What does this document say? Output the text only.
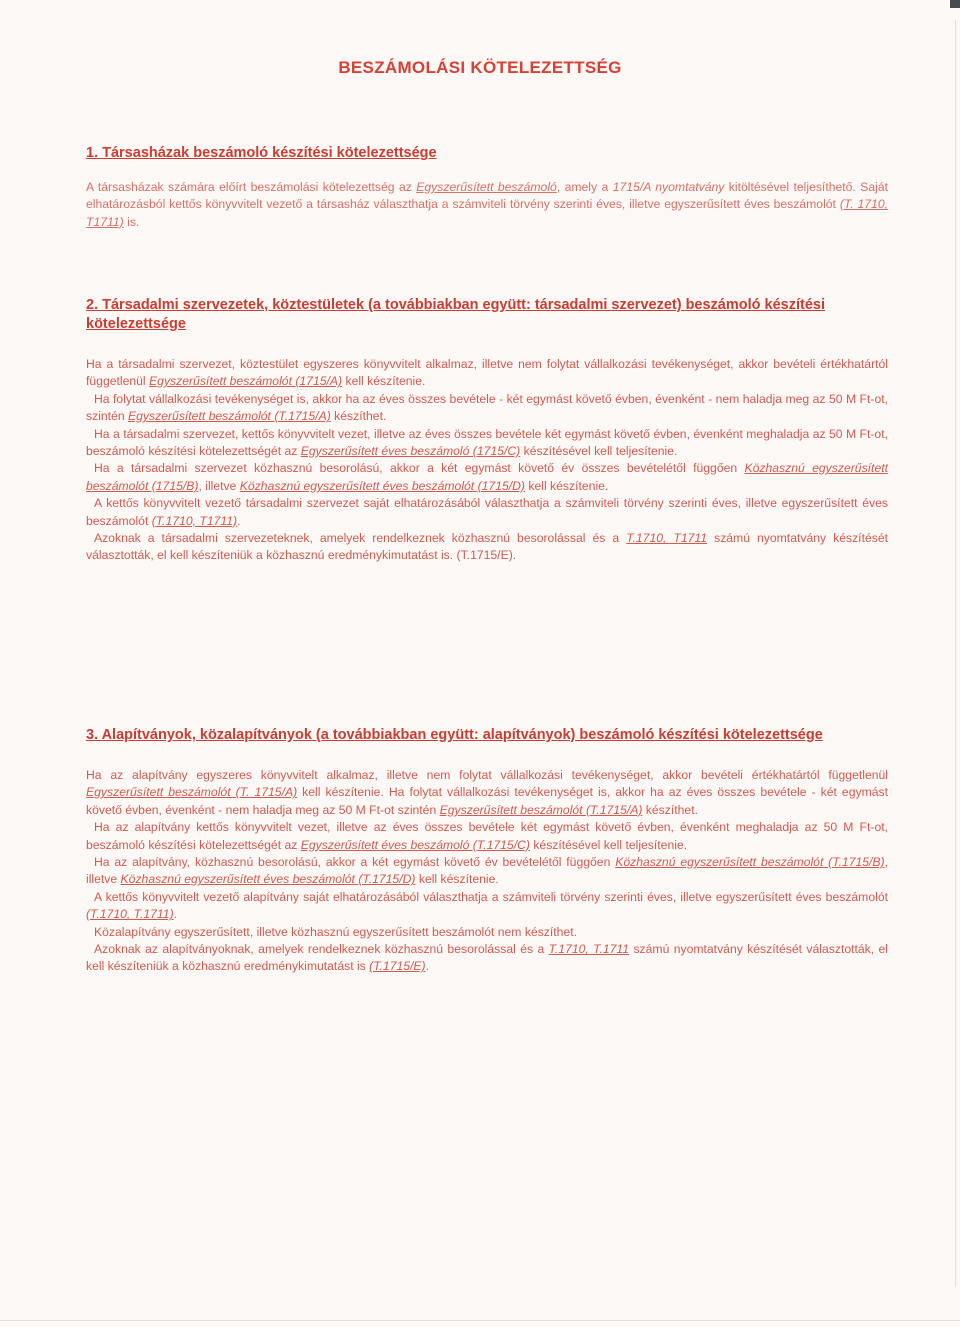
BESZÁMOLÁSI KÖTELEZETTSÉG
1. Társasházak beszámoló készítési kötelezettsége

A társasházak számára előírt beszámolási kötelezettség az Egyszerűsített beszámoló, amely a 1715/A nyomtatvány kitöltésével teljesíthető. Saját elhatározásból kettős könyvvitelt vezető a társasház választhatja a számviteli törvény szerinti éves, illetve egyszerűsített éves beszámolót (T. 1710, T1711) is.

2. Társadalmi szervezetek, köztestületek (a továbbiakban együtt: társadalmi szervezet) beszámoló készítési kötelezettsége

Ha a társadalmi szervezet, köztestület egyszeres könyvvitelt alkalmaz, illetve nem folytat vállalkozási tevékenységet, akkor bevételi értékhatártól függetlenül Egyszerűsített beszámolót (1715/A) kell készítenie.

Ha folytat vállalkozási tevékenységet is, akkor ha az éves összes bevétele - két egymást követő évben, évenként - nem haladja meg az 50 M Ft-ot, szintén Egyszerűsített beszámolót (T.1715/A) készíthet.

Ha a társadalmi szervezet, kettős könyvvitelt vezet, illetve az éves összes bevétele két egymást követő évben, évenként meghaladja az 50 M Ft-ot, beszámoló készítési kötelezettségét az Egyszerűsített éves beszámoló (1715/C) készítésével kell teljesítenie.

Ha a társadalmi szervezet közhasznú besorolású, akkor a két egymást követő év összes bevételétől függően Közhasznú egyszerűsített beszámolót (1715/B), illetve Közhasznú egyszerűsített éves beszámolót (1715/D) kell készítenie.

A kettős könyvvitelt vezető társadalmi szervezet saját elhatározásából választhatja a számviteli törvény szerinti éves, illetve egyszerűsített éves beszámolót (T.1710, T1711).

Azoknak a társadalmi szervezeteknek, amelyek rendelkeznek közhasznú besorolással és a T.1710, T1711 számú nyomtatvány készítését választották, el kell készíteniük a közhasznú eredménykimutatást is. (T.1715/E).

3. Alapítványok, közalapítványok (a továbbiakban együtt: alapítványok) beszámoló készítési kötelezettsége

Ha az alapítvány egyszeres könyvvitelt alkalmaz, illetve nem folytat vállalkozási tevékenységet, akkor bevételi értékhatártól függetlenül Egyszerűsített beszámolót (T. 1715/A) kell készítenie. Ha folytat vállalkozási tevékenységet is, akkor ha az éves összes bevétele - két egymást követő évben, évenként - nem haladja meg az 50 M Ft-ot szintén Egyszerűsített beszámolót (T.1715/A) készíthet.

Ha az alapítvány kettős könyvvitelt vezet, illetve az éves összes bevétele két egymást követő évben, évenként meghaladja az 50 M Ft-ot, beszámoló készítési kötelezettségét az Egyszerűsített éves beszámoló (T.1715/C) készítésével kell teljesítenie.

Ha az alapítvány, közhasznú besorolású, akkor a két egymást követő év bevételétől függően Közhasznú egyszerűsített beszámolót (T.1715/B), illetve Közhasznú egyszerűsített éves beszámolót (T.1715/D) kell készítenie.

A kettős könyvvitelt vezető alapítvány saját elhatározásából választhatja a számviteli törvény szerinti éves, illetve egyszerűsített éves beszámolót (T.1710, T.1711).

Közalapítvány egyszerűsített, illetve közhasznú egyszerűsített beszámolót nem készíthet.

Azoknak az alapítványoknak, amelyek rendelkeznek közhasznú besorolással és a T.1710, T.1711 számú nyomtatvány készítését választották, el kell készíteniük a közhasznú eredménykimutatást is (T.1715/E).
